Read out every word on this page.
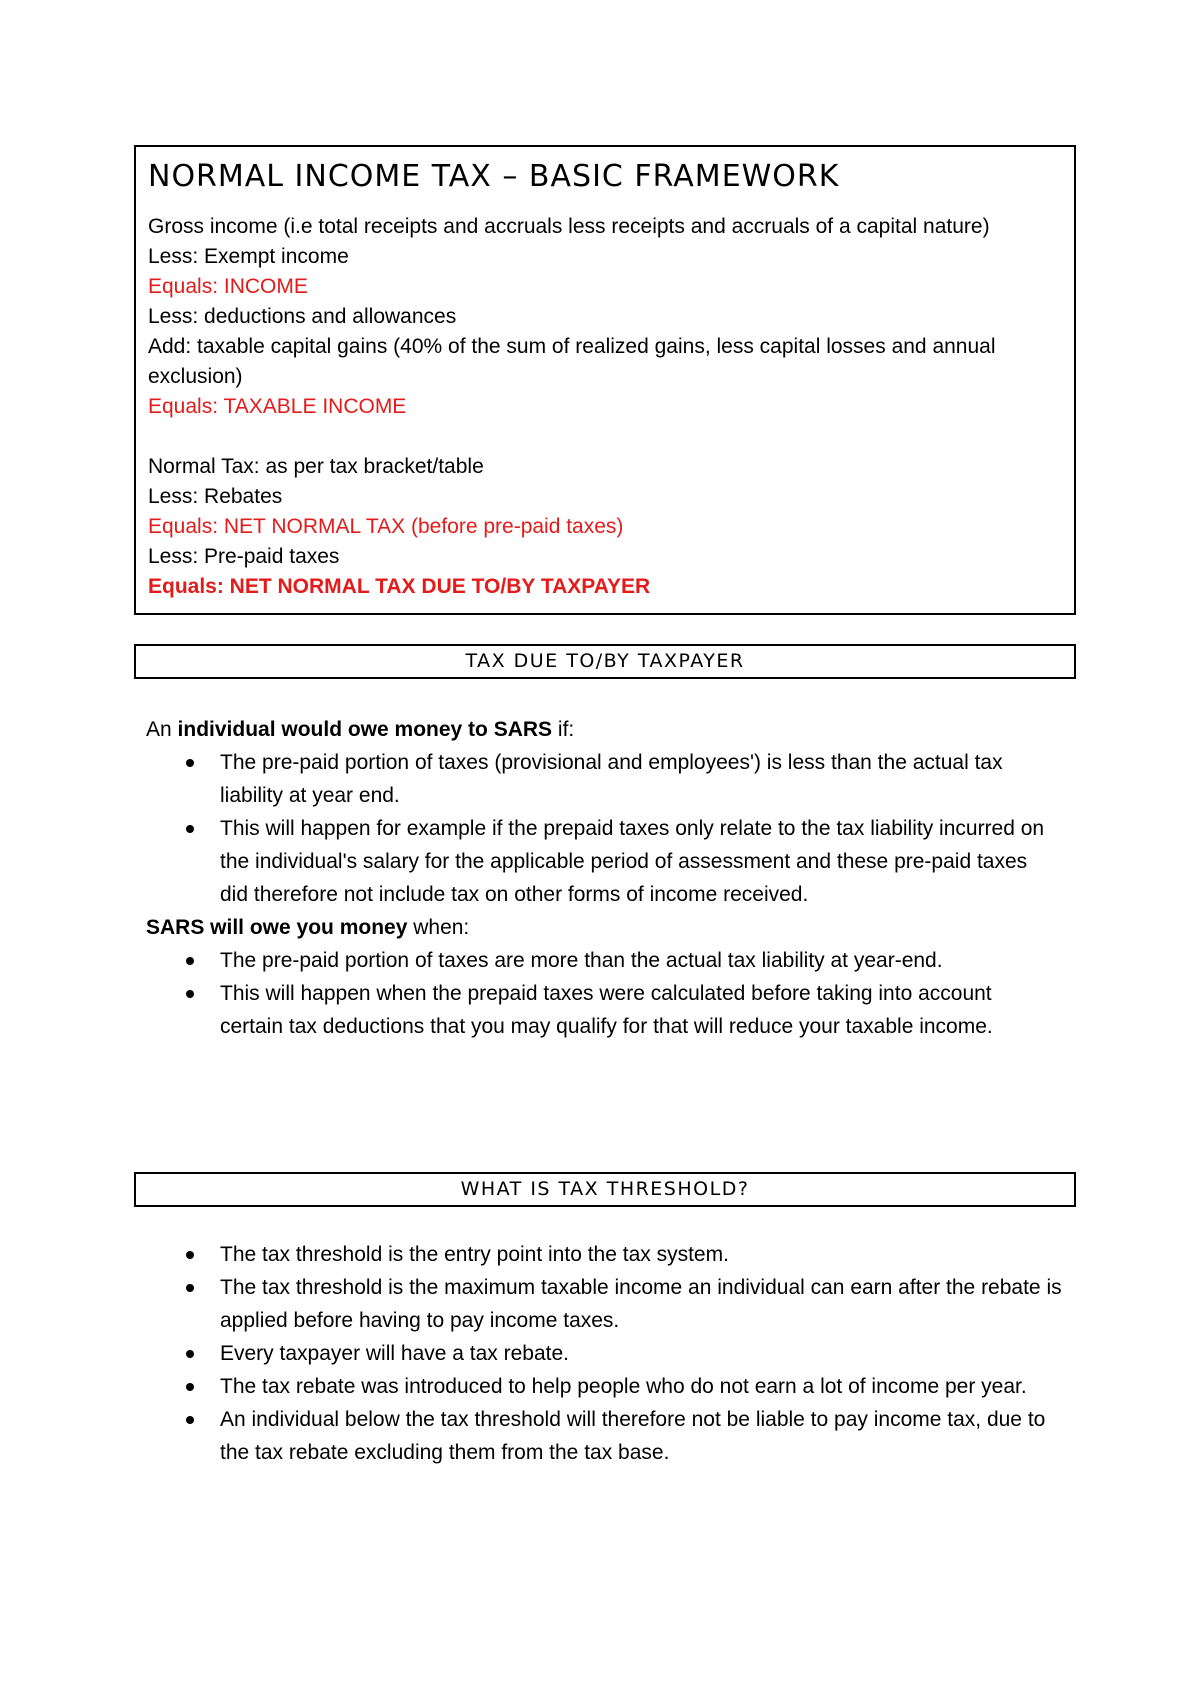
NORMAL INCOME TAX – BASIC FRAMEWORK
Gross income (i.e total receipts and accruals less receipts and accruals of a capital nature)
Less: Exempt income
Equals: INCOME
Less: deductions and allowances
Add: taxable capital gains (40% of the sum of realized gains, less capital losses and annual exclusion)
Equals: TAXABLE INCOME
Normal Tax: as per tax bracket/table
Less: Rebates
Equals: NET NORMAL TAX (before pre-paid taxes)
Less: Pre-paid taxes
Equals: NET NORMAL TAX DUE TO/BY TAXPAYER
TAX DUE TO/BY TAXPAYER

An individual would owe money to SARS if:

The pre-paid portion of taxes (provisional and employees') is less than the actual tax liability at year end.
This will happen for example if the prepaid taxes only relate to the tax liability incurred on the individual's salary for the applicable period of assessment and these pre-paid taxes did therefore not include tax on other forms of income received.

SARS will owe you money when:

The pre-paid portion of taxes are more than the actual tax liability at year-end.
This will happen when the prepaid taxes were calculated before taking into account certain tax deductions that you may qualify for that will reduce your taxable income.
WHAT IS TAX THRESHOLD?
The tax threshold is the entry point into the tax system.
The tax threshold is the maximum taxable income an individual can earn after the rebate is applied before having to pay income taxes.
Every taxpayer will have a tax rebate.
The tax rebate was introduced to help people who do not earn a lot of income per year.
An individual below the tax threshold will therefore not be liable to pay income tax, due to the tax rebate excluding them from the tax base.
